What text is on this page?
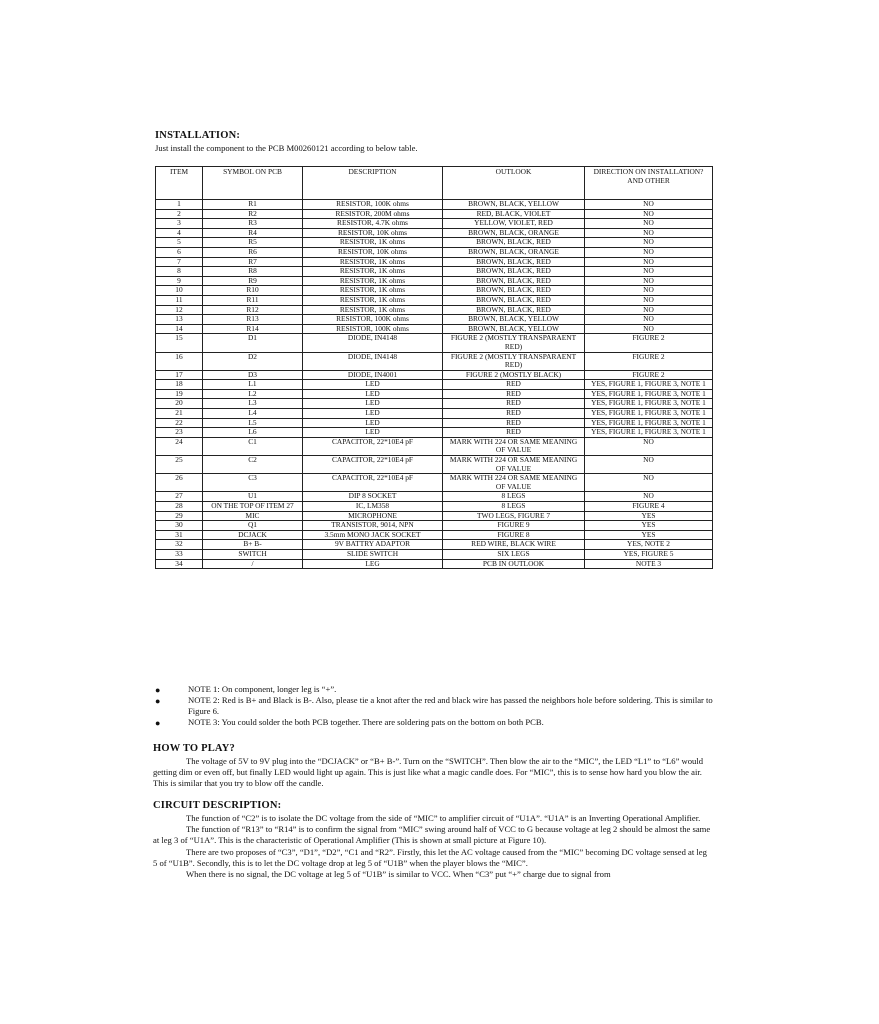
INSTALLATION:
Just install the component to the PCB M00260121 according to below table.
ITEM	SYMBOL ON PCB	DESCRIPTION	OUTLOOK	DIRECTION ON INSTALLATION? AND OTHER
1	R1	RESISTOR, 100K ohms	BROWN, BLACK, YELLOW	NO
2	R2	RESISTOR, 200M ohms	RED, BLACK, VIOLET	NO
3	R3	RESISTOR, 4.7K ohms	YELLOW, VIOLET, RED	NO
4	R4	RESISTOR, 10K ohms	BROWN, BLACK, ORANGE	NO
5	R5	RESISTOR, 1K ohms	BROWN, BLACK, RED	NO
6	R6	RESISTOR, 10K ohms	BROWN, BLACK, ORANGE	NO
7	R7	RESISTOR, 1K ohms	BROWN, BLACK, RED	NO
8	R8	RESISTOR, 1K ohms	BROWN, BLACK, RED	NO
9	R9	RESISTOR, 1K ohms	BROWN, BLACK, RED	NO
10	R10	RESISTOR, 1K ohms	BROWN, BLACK, RED	NO
11	R11	RESISTOR, 1K ohms	BROWN, BLACK, RED	NO
12	R12	RESISTOR, 1K ohms	BROWN, BLACK, RED	NO
13	R13	RESISTOR, 100K ohms	BROWN, BLACK, YELLOW	NO
14	R14	RESISTOR, 100K ohms	BROWN, BLACK, YELLOW	NO
15	D1	DIODE, IN4148	FIGURE 2 (MOSTLY TRANSPARAENT RED)	FIGURE 2
16	D2	DIODE, IN4148	FIGURE 2 (MOSTLY TRANSPARAENT RED)	FIGURE 2
17	D3	DIODE, IN4001	FIGURE 2 (MOSTLY BLACK)	FIGURE 2
18	L1	LED	RED	YES, FIGURE 1, FIGURE 3, NOTE 1
19	L2	LED	RED	YES, FIGURE 1, FIGURE 3, NOTE 1
20	L3	LED	RED	YES, FIGURE 1, FIGURE 3, NOTE 1
21	L4	LED	RED	YES, FIGURE 1, FIGURE 3, NOTE 1
22	L5	LED	RED	YES, FIGURE 1, FIGURE 3, NOTE 1
23	L6	LED	RED	YES, FIGURE 1, FIGURE 3, NOTE 1
24	C1	CAPACITOR, 22*10E4 pF	MARK WITH 224 OR SAME MEANING OF VALUE	NO
25	C2	CAPACITOR, 22*10E4 pF	MARK WITH 224 OR SAME MEANING OF VALUE	NO
26	C3	CAPACITOR, 22*10E4 pF	MARK WITH 224 OR SAME MEANING OF VALUE	NO
27	U1	DIP 8 SOCKET	8 LEGS	NO
28	ON THE TOP OF ITEM 27	IC, LM358	8 LEGS	FIGURE 4
29	MIC	MICROPHONE	TWO LEGS, FIGURE 7	YES
30	Q1	TRANSISTOR, 9014, NPN	FIGURE 9	YES
31	DCJACK	3.5mm MONO JACK SOCKET	FIGURE 8	YES
32	B+ B-	9V BATTRY ADAPTOR	RED WIRE, BLACK WIRE	YES, NOTE 2
33	SWITCH	SLIDE SWITCH	SIX LEGS	YES, FIGURE 5
34	/	LEG	PCB IN OUTLOOK	NOTE 3
●	NOTE 1: On component, longer leg is “+”.
●	NOTE 2: Red is B+ and Black is B-. Also, please tie a knot after the red and black wire has passed the neighbors hole before soldering. This is similar to Figure 6.
●	NOTE 3: You could solder the both PCB together. There are soldering pats on the bottom on both PCB.
HOW TO PLAY?

The voltage of 5V to 9V plug into the “DCJACK” or “B+ B-”. Turn on the “SWITCH”. Then blow the air to the “MIC”, the LED “L1” to “L6” would getting dim or even off, but finally LED would light up again. This is just like what a magic candle does. For “MIC”, this is to sense how hard you blow the air. This is similar that you try to blow off the candle.

CIRCUIT DESCRIPTION:

The function of “C2” is to isolate the DC voltage from the side of “MIC” to amplifier circuit of “U1A”. “U1A” is an Inverting Operational Amplifier.

The function of “R13” to “R14” is to confirm the signal from “MIC” swing around half of VCC to G because voltage at leg 2 should be almost the same at leg 3 of “U1A”. This is the characteristic of Operational Amplifier (This is shown at small picture at Figure 10).

There are two proposes of “C3”, “D1”, “D2”, “C1 and “R2”. Firstly, this let the AC voltage caused from the “MIC” becoming DC voltage sensed at leg 5 of “U1B”. Secondly, this is to let the DC voltage drop at leg 5 of “U1B” when the player blows the “MIC”.

When there is no signal, the DC voltage at leg 5 of “U1B” is similar to VCC. When “C3” put “+” charge due to signal from
